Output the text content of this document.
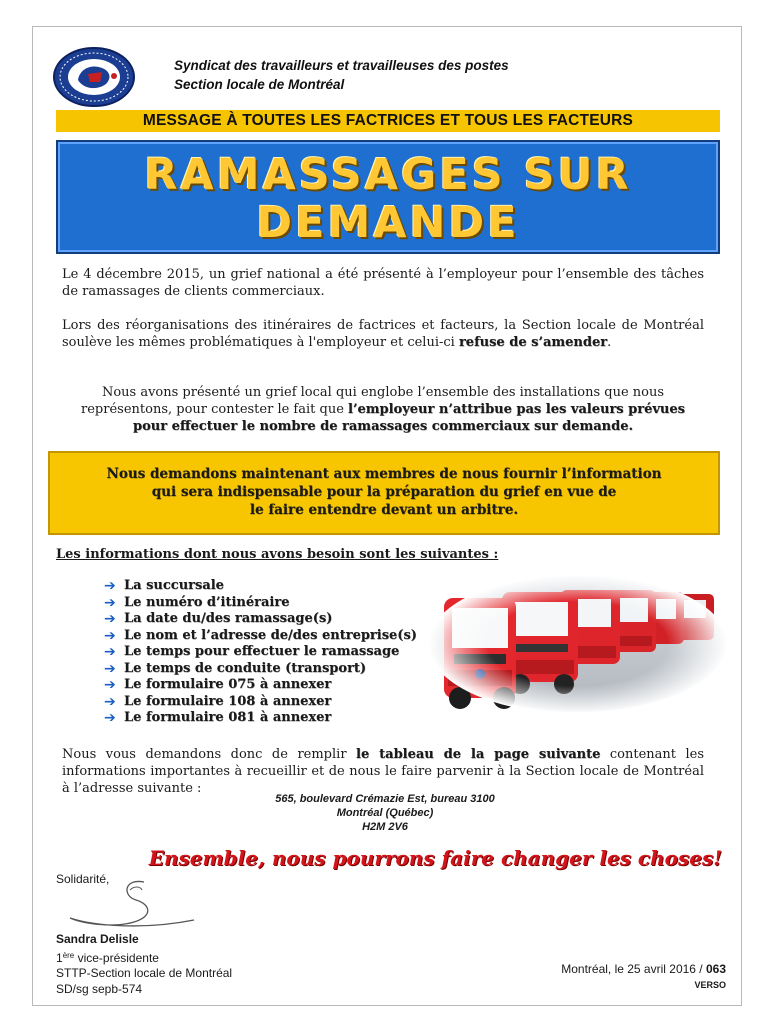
Syndicat des travailleurs et travailleuses des postes
Section locale de Montréal
MESSAGE À TOUTES LES FACTRICES ET TOUS LES FACTEURS
RAMASSAGES SUR
DEMANDE

Le 4 décembre 2015, un grief national a été présenté à l’employeur pour l’ensemble des tâches de ramassages de clients commerciaux.

Lors des réorganisations des itinéraires de factrices et facteurs, la Section locale de Montréal soulève les mêmes problématiques à l'employeur et celui-ci refuse de s’amender.

Nous avons présenté un grief local qui englobe l’ensemble des installations que nous représentons, pour contester le fait que l’employeur n’attribue pas les valeurs prévues pour effectuer le nombre de ramassages commerciaux sur demande.

Nous demandons maintenant aux membres de nous fournir l’information
qui sera indispensable pour la préparation du grief en vue de
le faire entendre devant un arbitre.
Les informations dont nous avons besoin sont les suivantes :
➔ La succursale
➔ Le numéro d’itinéraire
➔ La date du/des ramassage(s)
➔ Le nom et l’adresse de/des entreprise(s)
➔ Le temps pour effectuer le ramassage
➔ Le temps de conduite (transport)
➔ Le formulaire 075 à annexer
➔ Le formulaire 108 à annexer
➔ Le formulaire 081 à annexer

Nous vous demandons donc de remplir le tableau de la page suivante contenant les informations importantes à recueillir et de nous le faire parvenir à la Section locale de Montréal à l’adresse suivante :

565, boulevard Crémazie Est, bureau 3100
Montréal (Québec)
H2M 2V6
Ensemble, nous pourrons faire changer les choses!
Solidarité,
Sandra Delisle
1ère vice-présidente
STTP-Section locale de Montréal
SD/sg sepb-574
Montréal, le 25 avril 2016 / 063
VERSO
